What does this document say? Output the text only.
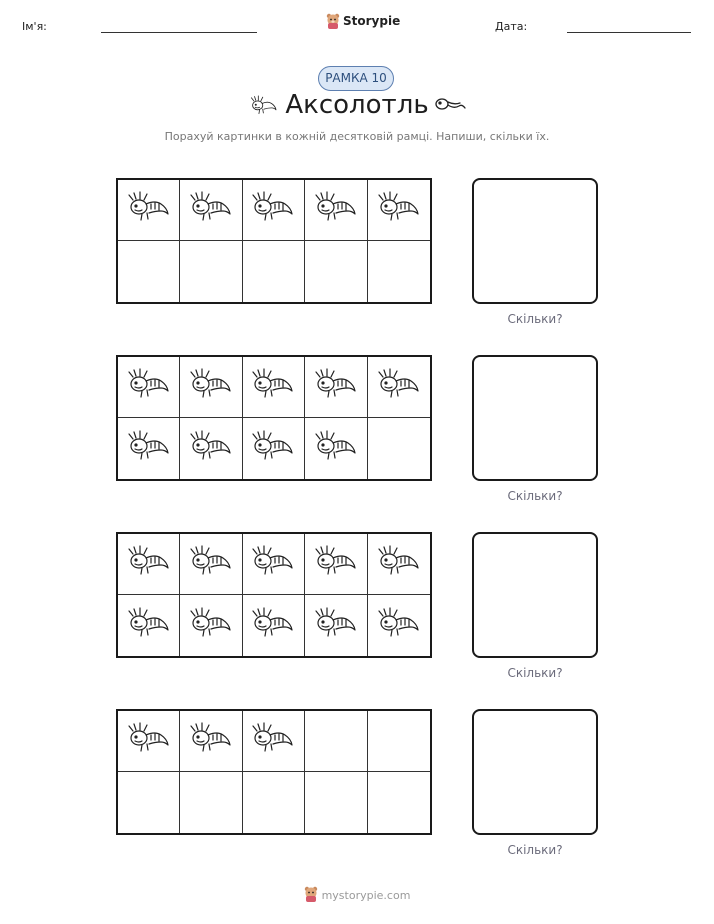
Ім'я:	Storypie	Дата:
РАМКА 10
Аксолотль
Порахуй картинки в кожній десятковій рамці. Напиши, скільки їх.
Скільки?
Скільки?
Скільки?
Скільки?
mystorypie.com
